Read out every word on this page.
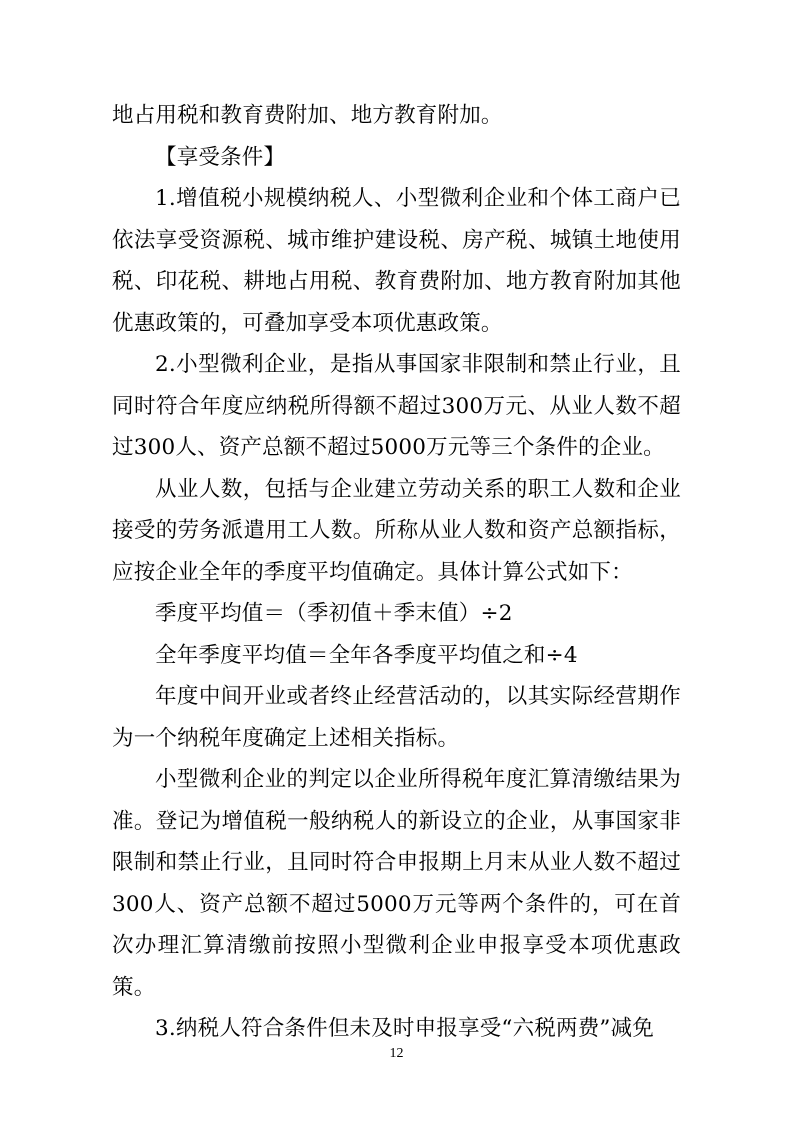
地占用税和教育费附加、地方教育附加。

【享受条件】

1.增值税小规模纳税人、小型微利企业和个体工商户已依法享受资源税、城市维护建设税、房产税、城镇土地使用税、印花税、耕地占用税、教育费附加、地方教育附加其他优惠政策的，可叠加享受本项优惠政策。

2.小型微利企业，是指从事国家非限制和禁止行业，且同时符合年度应纳税所得额不超过300万元、从业人数不超过300人、资产总额不超过5000万元等三个条件的企业。

从业人数，包括与企业建立劳动关系的职工人数和企业接受的劳务派遣用工人数。所称从业人数和资产总额指标，应按企业全年的季度平均值确定。具体计算公式如下：

季度平均值＝（季初值＋季末值）÷2

全年季度平均值＝全年各季度平均值之和÷4

年度中间开业或者终止经营活动的，以其实际经营期作为一个纳税年度确定上述相关指标。

小型微利企业的判定以企业所得税年度汇算清缴结果为准。登记为增值税一般纳税人的新设立的企业，从事国家非限制和禁止行业，且同时符合申报期上月末从业人数不超过300人、资产总额不超过5000万元等两个条件的，可在首次办理汇算清缴前按照小型微利企业申报享受本项优惠政策。

3.纳税人符合条件但未及时申报享受“六税两费”减免

12
